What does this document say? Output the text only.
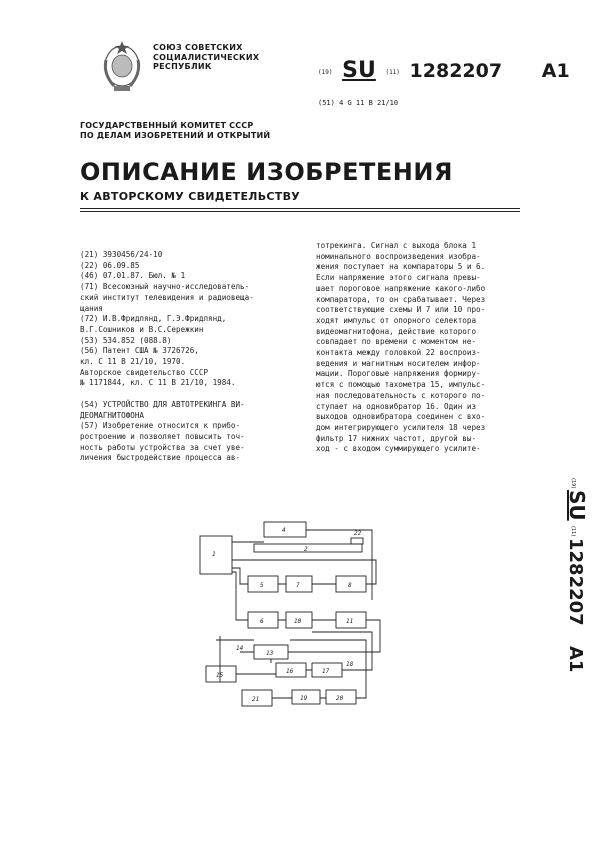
СОЮЗ СОВЕТСКИХ
СОЦИАЛИСТИЧЕСКИХ
РЕСПУБЛИК
(19) SU (11) 1282207 A1
(51) 4 G 11 B 21/10
ГОСУДАРСТВЕННЫЙ КОМИТЕТ СССР
ПО ДЕЛАМ ИЗОБРЕТЕНИЙ И ОТКРЫТИЙ
ОПИСАНИЕ ИЗОБРЕТЕНИЯ
К АВТОРСКОМУ СВИДЕТЕЛЬСТВУ
(21) 3930456/24-10
(22) 06.09.85
(46) 07.01.87. Бюл. № 1
(71) Всесоюзный научно-исследователь-
ский институт телевидения и радиовеща-
щания
(72) И.В.Фридлянд, Г.Э.Фридлянд,
В.Г.Сошников и В.С.Сережкин
(53) 534.852 (088.8)
(56) Патент США № 3726726,
кл. С 11 В 21/10, 1970.
Авторское свидетельство СССР
№ 1171844, кл. С 11 В 21/10, 1984.

(54) УСТРОЙСТВО ДЛЯ АВТОТРЕКИНГА ВИ-
ДЕОМАГНИТОФОНА
(57) Изобретение относится к прибо-
ростроению и позволяет повысить точ-
ность работы устройства за счет уве-
личения быстродействие процесса ав-
тотрекинга. Сигнал с выхода блока 1
номинального воспроизведения изобра-
жения поступает на компараторы 5 и 6.
Если напряжение этого сигнала превы-
шает пороговое напряжение какого-либо
компаратора, то он срабатывает. Через
соответствующие схемы И 7 или 10 про-
ходят импульс от опорного селектора
видеомагнитофона, действие которого
совпадает по времени с моментом не-
контакта между головкой 22 воспроиз-
ведения и магнитным носителем инфор-
мации. Пороговые напряжения формиру-
ются с помощью тахометра 15, импульс-
ная последовательность с которого по-
ступает на одновибратор 16. Один из
выходов одновибратора соединен с вхо-
дом интегрирующего усилителя 18 через
фильтр 17 нижних частот, другой вы-
ход - с входом суммирующего усилите-
(19)
SU
(11)
1282207
A1
1
4
2
22
5	7	8
6	10	11
14
13
15
16	17
18
21	19	20
